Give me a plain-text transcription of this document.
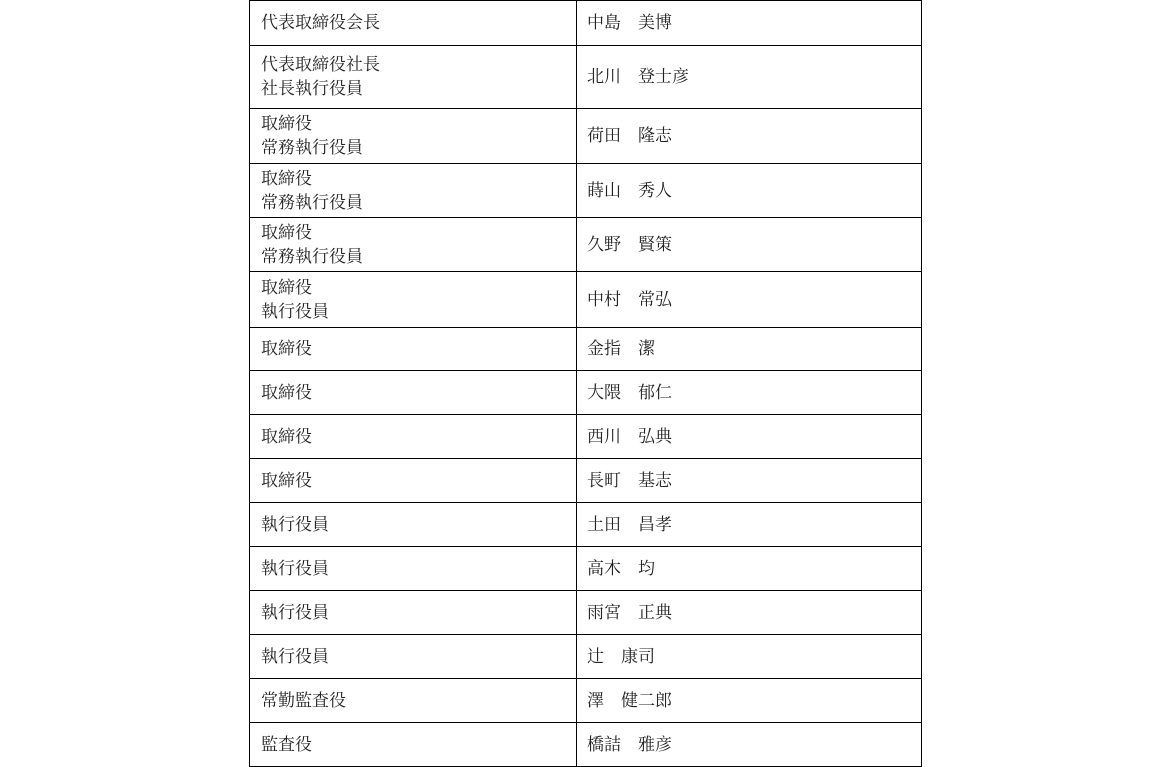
代表取締役会長	中島　美博

代表取締役社長
社長執行役員	北川　登士彦

取締役
常務執行役員	荷田　隆志

取締役
常務執行役員	蒔山　秀人

取締役
常務執行役員	久野　賢策

取締役
執行役員	中村　常弘

取締役	金指　潔

取締役	大隈　郁仁

取締役	西川　弘典

取締役	長町　基志

執行役員	土田　昌孝

執行役員	高木　均

執行役員	雨宮　正典

執行役員	辻　康司

常勤監査役	澤　健二郎

監査役	橋詰　雅彦
